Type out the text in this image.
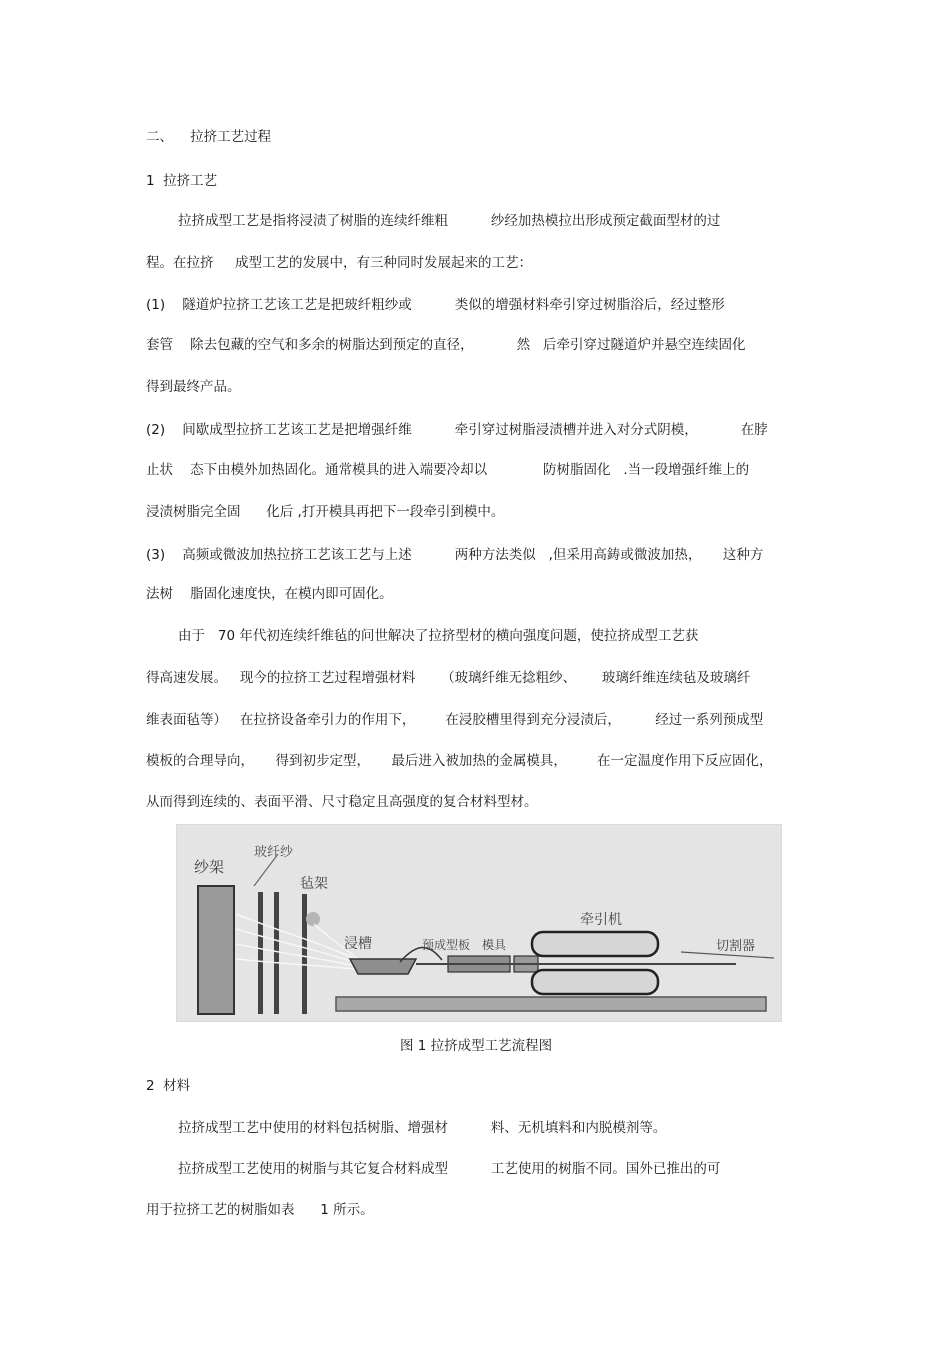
二、    拉挤工艺过程
1  拉挤工艺
拉挤成型工艺是指将浸渍了树脂的连续纤维粗          纱经加热模拉出形成预定截面型材的过
程。在拉挤     成型工艺的发展中，有三种同时发展起来的工艺：
(1)    隧道炉拉挤工艺该工艺是把玻纤粗纱或          类似的增强材料牵引穿过树脂浴后，经过整形
套管    除去包藏的空气和多余的树脂达到预定的直径，          然   后牵引穿过隧道炉并悬空连续固化
得到最终产品。
(2)    间歇成型拉挤工艺该工艺是把增强纤维          牵引穿过树脂浸渍槽并进入对分式阴模，          在脖
止状    态下由模外加热固化。通常模具的进入端要冷却以             防树脂固化   .当一段增强纤维上的
浸渍树脂完全固      化后 ,打开模具再把下一段牵引到模中。
(3)    高频或微波加热拉挤工艺该工艺与上述          两种方法类似   ,但采用高鋳或微波加热，     这种方
法树    脂固化速度快，在模内即可固化。
由于   70 年代初连续纤维毡的问世解决了拉挤型材的横向强度问题，使拉挤成型工艺获
得高速发展。   现今的拉挤工艺过程增强材料      （玻璃纤维无捻粗纱、      玻璃纤维连续毡及玻璃纤
维表面毡等）   在拉挤设备牵引力的作用下，       在浸胶槽里得到充分浸渍后，        经过一系列预成型
模板的合理导向，     得到初步定型，     最后进入被加热的金属模具，       在一定温度作用下反应固化，
从而得到连续的、表面平滑、尺寸稳定且高强度的复合材料型材。
纱架
玻纤纱
毡架
浸槽	预成型板 模具
牵引机
切割器
图 1 拉挤成型工艺流程图
2  材料
拉挤成型工艺中使用的材料包括树脂、增强材          料、无机填料和内脱模剂等。
拉挤成型工艺使用的树脂与其它复合材料成型          工艺使用的树脂不同。国外已推出的可
用于拉挤工艺的树脂如表      1 所示。
